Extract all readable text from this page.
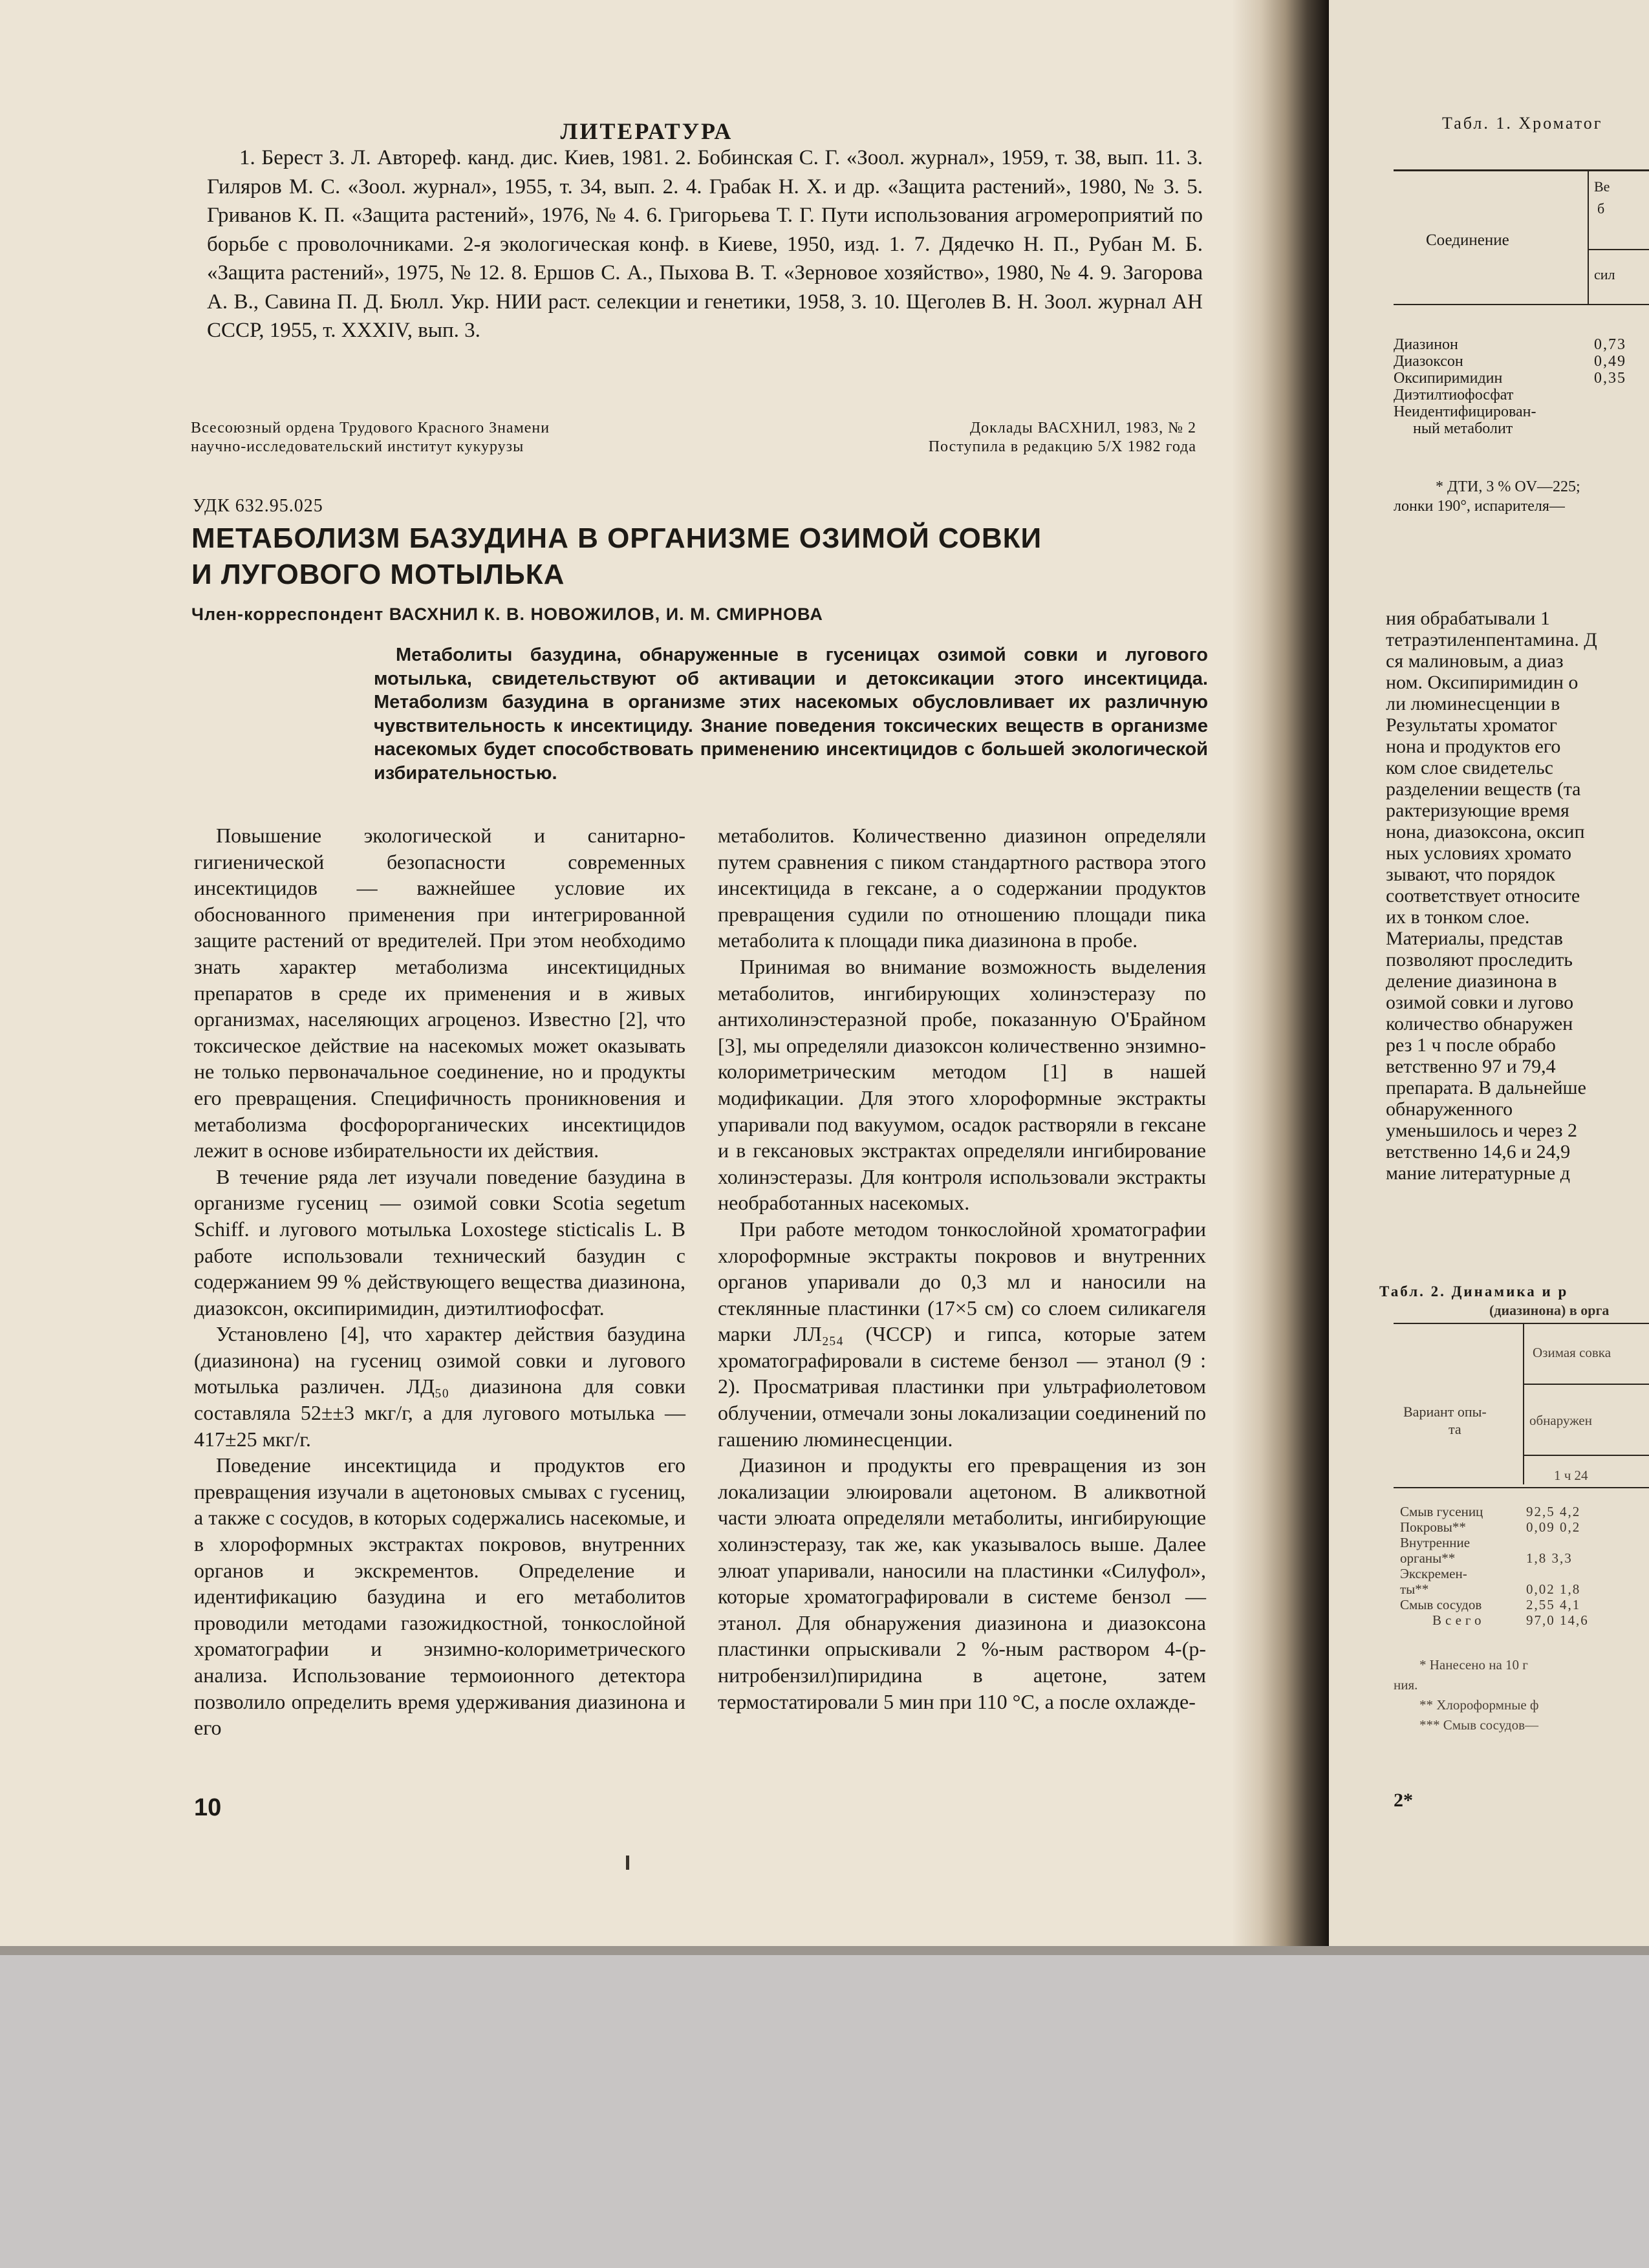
ЛИТЕРАТУРА
1. Берест З. Л. Автореф. канд. дис. Киев, 1981. 2. Бобинская С. Г. «Зоол. журнал», 1959, т. 38, вып. 11. 3. Гиляров М. С. «Зоол. журнал», 1955, т. 34, вып. 2. 4. Грабак Н. Х. и др. «Защита растений», 1980, № 3. 5. Гриванов К. П. «Защита растений», 1976, № 4. 6. Григорьева Т. Г. Пути использования агромероприятий по борьбе с проволочниками. 2-я экологическая конф. в Киеве, 1950, изд. 1. 7. Дядечко Н. П., Рубан М. Б. «Защита растений», 1975, № 12. 8. Ершов С. А., Пыхова В. Т. «Зерновое хозяйство», 1980, № 4. 9. Загоровa А. В., Савина П. Д. Бюлл. Укр. НИИ раст. селекции и генетики, 1958, 3. 10. Щеголев В. Н. Зоол. журнал АН СССР, 1955, т. XXXIV, вып. 3.
Всесоюзный ордена Трудового Красного Знамени
научно-исследовательский институт кукурузы
Доклады ВАСХНИЛ, 1983, № 2
Поступила в редакцию 5/X 1982 года
УДК 632.95.025
МЕТАБОЛИЗМ БАЗУДИНА В ОРГАНИЗМЕ ОЗИМОЙ СОВКИ
И ЛУГОВОГО МОТЫЛЬКА
Член-корреспондент ВАСХНИЛ К. В. НОВОЖИЛОВ, И. М. СМИРНОВА
Метаболиты базудина, обнаруженные в гусеницах озимой совки и лугового мотылька, свидетельствуют об активации и детоксикации этого инсектицида. Метаболизм базудина в организме этих насекомых обусловливает их различную чувствительность к инсектициду. Знание поведения токсических веществ в организме насекомых будет способствовать применению инсектицидов с большей экологической избирательностью.

Повышение экологической и санитарно-гигиенической безопасности современных инсектицидов — важнейшее условие их обоснованного применения при интегрированной защите растений от вредителей. При этом необходимо знать характер метаболизма инсектицидных препаратов в среде их применения и в живых организмах, населяющих агроценоз. Известно [2], что токсическое действие на насекомых может оказывать не только первоначальное соединение, но и продукты его превращения. Специфичность проникновения и метаболизма фосфорорганических инсектицидов лежит в основе избирательности их действия.

В течение ряда лет изучали поведение базудина в организме гусениц — озимой совки Scotia segetum Schiff. и лугового мотылька Loxostege sticticalis L. В работе использовали технический базудин с содержанием 99 % действующего вещества диазинона, диазоксон, оксипиримидин, диэтилтиофосфат.

Установлено [4], что характер действия базудина (диазинона) на гусениц озимой совки и лугового мотылька различен. ЛД₅₀ диазинона для совки составляла 52±±3 мкг/г, а для лугового мотылька — 417±25 мкг/г.

Поведение инсектицида и продуктов его превращения изучали в ацетоновых смывах с гусениц, а также с сосудов, в которых содержались насекомые, и в хлороформных экстрактах покровов, внутренних органов и экскрементов. Определение и идентификацию базудина и его метаболитов проводили методами газожидкостной, тонкослойной хроматографии и энзимно-колориметрического анализа. Использование термоионного детектора позволило определить время удерживания диазинона и его

метаболитов. Количественно диазинон определяли путем сравнения с пиком стандартного раствора этого инсектицида в гексане, а о содержании продуктов превращения судили по отношению площади пика метаболита к площади пика диазинона в пробе.

Принимая во внимание возможность выделения метаболитов, ингибирующих холинэстеразу по антихолинэстеразной пробе, показанную О'Брайном [3], мы определяли диазоксон количественно энзимно-колориметрическим методом [1] в нашей модификации. Для этого хлороформные экстракты упаривали под вакуумом, осадок растворяли в гексане и в гексановых экстрактах определяли ингибирование холинэстеразы. Для контроля использовали экстракты необработанных насекомых.

При работе методом тонкослойной хроматографии хлороформные экстракты покровов и внутренних органов упаривали до 0,3 мл и наносили на стеклянные пластинки (17×5 см) со слоем силикагеля марки ЛЛ₂₅₄ (ЧССР) и гипса, которые затем хроматографировали в системе бензол — этанол (9 : 2). Просматривая пластинки при ультрафиолетовом облучении, отмечали зоны локализации соединений по гашению люминесценции.

Диазинон и продукты его превращения из зон локализации элюировали ацетоном. В аликвотной части элюата определяли метаболиты, ингибирующие холинэстеразу, так же, как указывалось выше. Далее элюат упаривали, наносили на пластинки «Силуфол», которые хроматографировали в системе бензол — этанол. Для обнаружения диазинона и диазоксона пластинки опрыскивали 2 %-ным раствором 4-(р-нитробензил)пиридина в ацетоне, затем термостатировали 5 мин при 110 °С, а после охлажде-

10
Табл. 1. Хроматог
Соединение
Ве
б
сил
Диазинон
Диазоксон
Оксипиримидин
Диэтилтиофосфат
Неидентифицирован-
ный метаболит
0,73
0,49
0,35
* ДТИ, 3 % OV—225;
лонки 190°, испарителя—
ния обрабатывали 1
тетраэтиленпентамина. Д
ся малиновым, а диаз
ном. Оксипиримидин о
ли люминесценции в
Результаты хроматог
нона и продуктов его
ком слое свидетельс
разделении веществ (та
рактеризующие время
нона, диазоксона, оксип
ных условиях хромато
зывают, что порядок
соответствует относите
их в тонком слое.
Материалы, представ
позволяют проследить
деление диазинона в
озимой совки и лугово
количество обнаружен
рез 1 ч после обрабо
ветственно 97 и 79,4
препарата. В дальнейше
обнаруженного
уменьшилось и через 2
ветственно 14,6 и 24,9
мание литературные д
Табл. 2. Динамика и р
(диазинона) в орга
Вариант опы-
та
Озимая совка
обнаружен
1 ч 24
Смыв гусениц
Покровы**
Внутренние
органы**
Экскремен-
ты**
Смыв сосудов
Всего
92,5 4,2
0,09 0,2
1,8 3,3
0,02 1,8
2,55 4,1
97,0 14,6
* Нанесено на 10 г
ния.
** Хлороформные ф
*** Смыв сосудов—
2*
